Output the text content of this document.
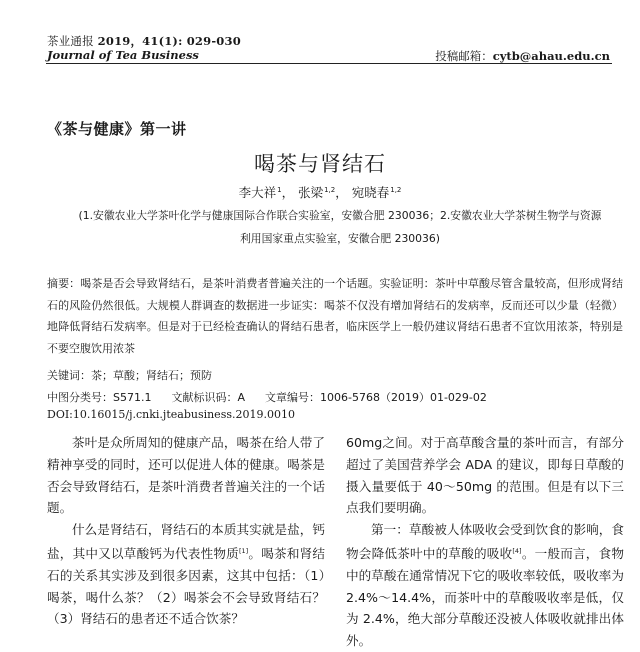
茶业通报 2019，41(1): 029-030
Journal of Tea Business	投稿邮箱：cytb@ahau.edu.cn
《茶与健康》第一讲
喝茶与肾结石
李大祥$^1$， 张梁$^{1,2}$， 宛晓春$^{1,2}$
(1.安徽农业大学茶叶化学与健康国际合作联合实验室，安徽合肥 230036；2.安徽农业大学茶树生物学与资源
利用国家重点实验室，安徽合肥 230036)
摘要：喝茶是否会导致肾结石，是茶叶消费者普遍关注的一个话题。实验证明：茶叶中草酸尽管含量较高，但形成肾结石的风险仍然很低。大规模人群调查的数据进一步证实：喝茶不仅没有增加肾结石的发病率，反而还可以少量（轻微）地降低肾结石发病率。但是对于已经检查确认的肾结石患者，临床医学上一般仍建议肾结石患者不宜饮用浓茶，特别是不要空腹饮用浓茶
关键词：茶；草酸；肾结石；预防
中图分类号：S571.1 文献标识码：A 文章编号：1006-5768（2019）01-029-02
DOI:10.16015/j.cnki.jteabusiness.2019.0010

茶叶是众所周知的健康产品，喝茶在给人带了精神享受的同时，还可以促进人体的健康。喝茶是否会导致肾结石，是茶叶消费者普遍关注的一个话题。

什么是肾结石，肾结石的本质其实就是盐，钙盐，其中又以草酸钙为代表性物质[1]。喝茶和肾结石的关系其实涉及到很多因素，这其中包括：（1）喝茶，喝什么茶？（2）喝茶会不会导致肾结石？（3）肾结石的患者还不适合饮茶？

60mg之间。对于高草酸含量的茶叶而言，有部分超过了美国营养学会 ADA 的建议，即每日草酸的摄入量要低于 40～50mg 的范围。但是有以下三点我们要明确。

第一：草酸被人体吸收会受到饮食的影响，食物会降低茶叶中的草酸的吸收[4]。一般而言，食物中的草酸在通常情况下它的吸收率较低，吸收率为 2.4%～14.4%，而茶叶中的草酸吸收率是低，仅为 2.4%，绝大部分草酸还没被人体吸收就排出体外。
